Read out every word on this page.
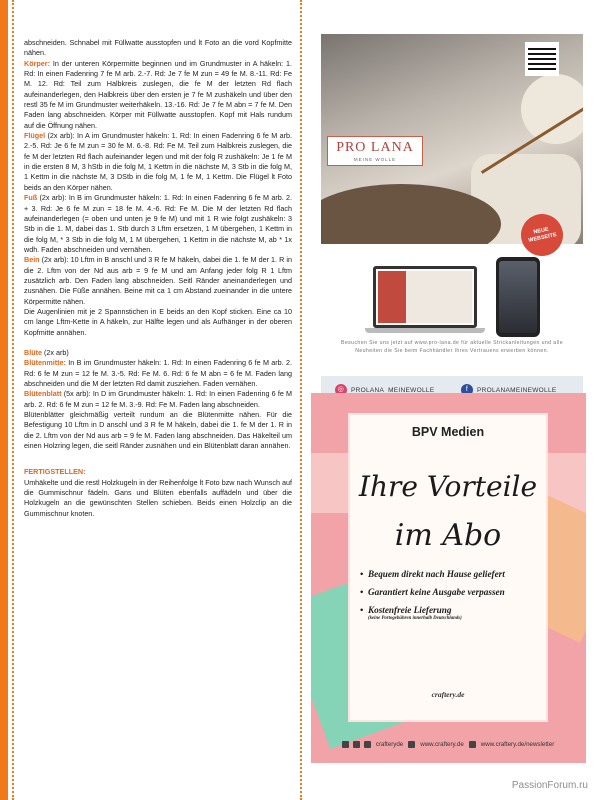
abschneiden. Schnabel mit Füllwatte ausstopfen und lt Foto an die vord Kopfmitte nähen.

Körper: In der unteren Körpermitte beginnen und im Grundmuster in A häkeln: 1. Rd: In einen Fadenring 7 fe M arb. 2.-7. Rd: Je 7 fe M zun = 49 fe M. 8.-11. Rd: Fe M. 12. Rd: Teil zum Halbkreis zuslegen, die fe M der letzten Rd flach aufeinanderlegen, den Halbkreis über den ersten je 7 fe M zushäkeln und über den restl 35 fe M im Grundmuster weiterhäkeln. 13.-16. Rd: Je 7 fe M abn = 7 fe M. Den Faden lang abschneiden. Körper mit Füllwatte ausstopfen. Kopf mit Hals rundum auf die Öffnung nähen.

Flügel (2x arb): In A im Grundmuster häkeln: 1. Rd: In einen Fadenring 6 fe M arb. 2.-5. Rd: Je 6 fe M zun = 30 fe M. 6.-8. Rd: Fe M. Teil zum Halbkreis zuslegen, die fe M der letzten Rd flach aufeinander legen und mit der folg R zushäkeln: Je 1 fe M in die ersten 8 M, 3 hStb in die folg M, 1 Kettm in die nächste M, 3 Stb in die folg M, 1 Kettm in die nächste M, 3 DStb in die folg M, 1 fe M, 1 Kettm. Die Flügel lt Foto beids an den Körper nähen.

Fuß (2x arb): In B im Grundmuster häkeln: 1. Rd: In einen Fadenring 6 fe M arb. 2. + 3. Rd: Je 6 fe M zun = 18 fe M. 4.-6. Rd: Fe M. Die M der letzten Rd flach aufeinanderlegen (= oben und unten je 9 fe M) und mit 1 R wie folgt zushäkeln: 3 Stb in die 1. M, dabei das 1. Stb durch 3 Lftm ersetzen, 1 M übergehen, 1 Kettm in die folg M, * 3 Stb in die folg M, 1 M übergehen, 1 Kettm in die nächste M, ab * 1x wdh. Faden abschneiden und vernähen.

Bein (2x arb): 10 Lftm in B anschl und 3 R fe M häkeln, dabei die 1. fe M der 1. R in die 2. Lftm von der Nd aus arb = 9 fe M und am Anfang jeder folg R 1 Lftm zusätzlich arb. Den Faden lang abschneiden. Seitl Ränder aneinanderlegen und zusnähen. Die Füße annähen. Beine mit ca 1 cm Abstand zueinander in die untere Körpermitte nähen.

Die Augenlinien mit je 2 Spannstichen in E beids an den Kopf sticken. Eine ca 10 cm lange Lftm-Kette in A häkeln, zur Hälfte legen und als Aufhänger in der oberen Kopfmitte annähen.

Blüte (2x arb)

Blütenmitte: In B im Grundmuster häkeln: 1. Rd: In einen Fadenring 6 fe M arb. 2. Rd: 6 fe M zun = 12 fe M. 3.-5. Rd: Fe M. 6. Rd: 6 fe M abn = 6 fe M. Faden lang abschneiden und die M der letzten Rd damit zusziehen. Faden vernähen.

Blütenblatt (5x arb): In D im Grundmuster häkeln: 1. Rd: In einen Fadenring 6 fe M arb. 2. Rd: 6 fe M zun = 12 fe M. 3.-9. Rd: Fe M. Faden lang abschneiden.

Blütenblätter gleichmäßig verteilt rundum an die Blütenmitte nähen. Für die Befestigung 10 Lftm in D anschl und 3 R fe M häkeln, dabei die 1. fe M der 1. R in die 2. Lftm von der Nd aus arb = 9 fe M. Faden lang abschneiden. Das Häkelteil um einen Holzring legen, die seitl Ränder zusnähen und ein Blütenblatt daran annähen.

FERTIGSTELLEN:

Umhäkelte und die restl Holzkugeln in der Reihenfolge lt Foto bzw nach Wunsch auf die Gummischnur fädeln. Gans und Blüten ebenfalls auffädeln und über die Holzkugeln an die gewünschten Stellen schieben. Beids einen Holzclip an die Gummischnur knoten.

PRO LANA
MEINE WOLLE
NEUE WEBSEITE
Besuchen Sie uns jetzt auf www.pro-lana.de für aktuelle Strickanleitungen und alle Neuheiten die Sie beim Fachhändler Ihres Vertrauens erwerben können.
◎	PROLANA_MEINEWOLLE	f	PROLANAMEINEWOLLE
BPV Medien
Ihre Vorteile
im Abo
• Bequem direkt nach Hause geliefert
• Garantiert keine Ausgabe verpassen
• Kostenfreie Lieferung
(keine Portogebühren innerhalb Deutschlands)
craftery.de
crafteryde	www.craftery.de	www.craftery.de/newsletter
PassionForum.ru
